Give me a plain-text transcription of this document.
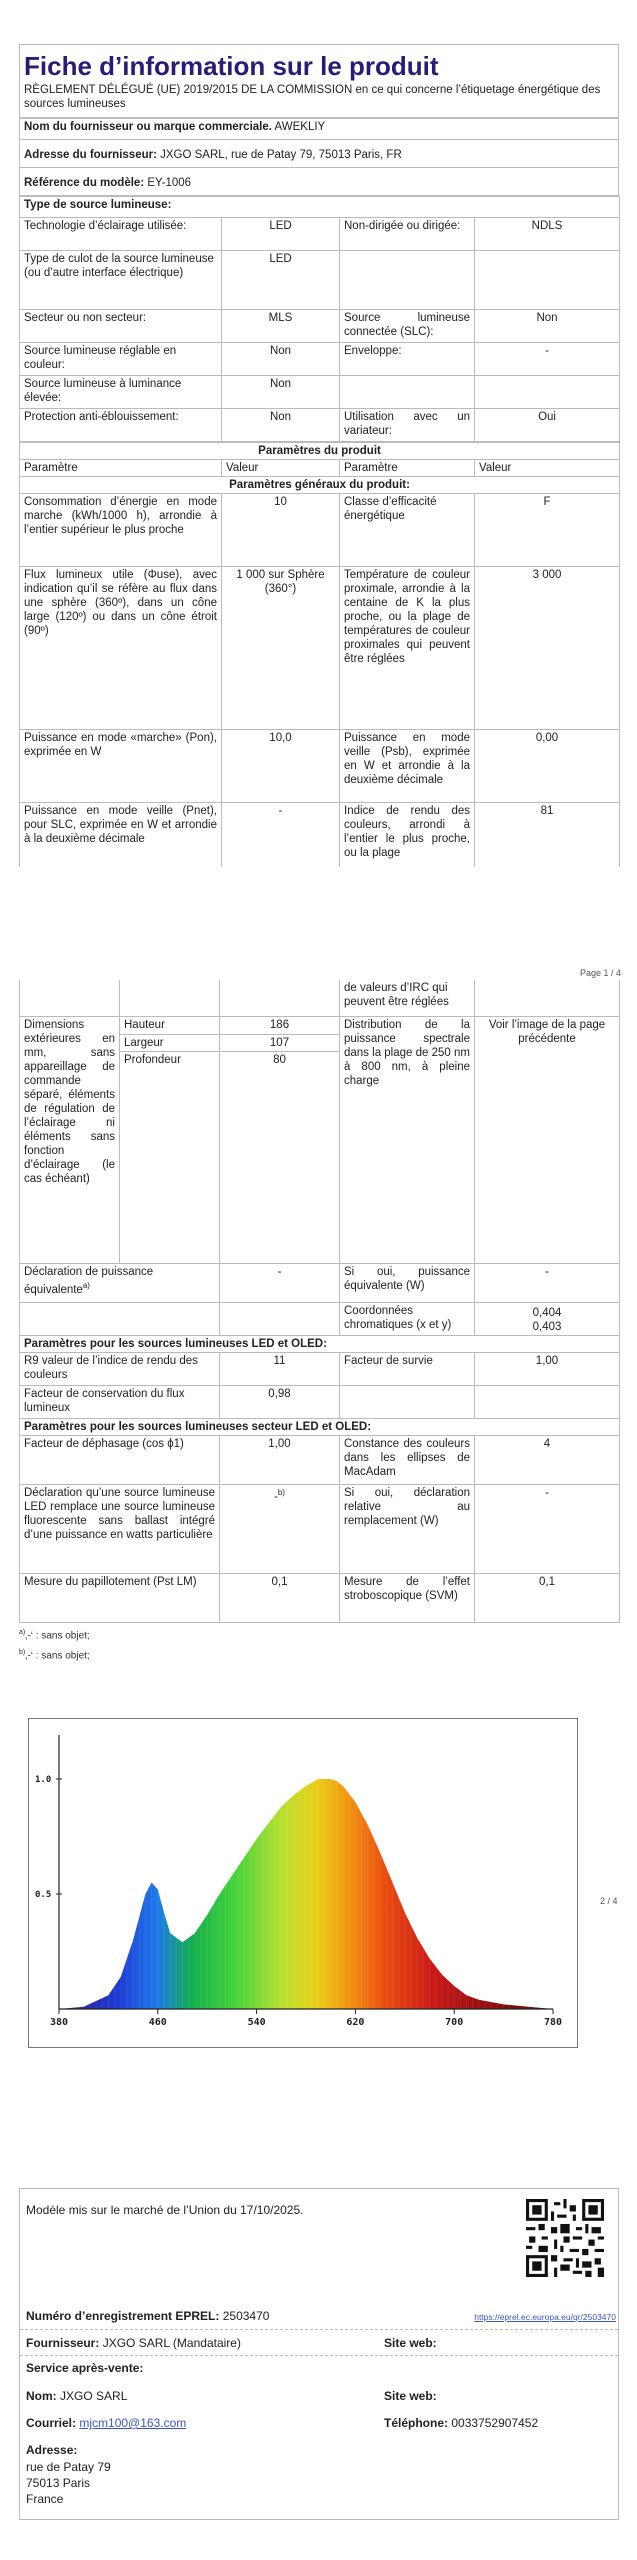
Fiche d’information sur le produit
RÈGLEMENT DÉLÉGUÉ (UE) 2019/2015 DE LA COMMISSION en ce qui concerne l’étiquetage énergétique des sources lumineuses
Nom du fournisseur ou marque commerciale. AWEKLIY
Adresse du fournisseur: JXGO SARL, rue de Patay 79, 75013 Paris, FR
Référence du modèle: EY-1006
Type de source lumineuse:			
Technologie d’éclairage utilisée:	LED	Non-dirigée ou dirigée:	NDLS

Type de culot de la source lumineuse
(ou d’autre interface électrique)	LED		
Secteur ou non secteur:	MLS	Source lumineuse connectée (SLC):	Non
Source lumineuse réglable en couleur:	Non	Enveloppe:	-
Source lumineuse à luminance élevée:	Non		
Protection anti-éblouissement:	Non	Utilisation avec un variateur:	Oui
Paramètres du produit			
Paramètre	Valeur	Paramètre	Valeur
Paramètres généraux du produit:			
Consommation d’énergie en mode marche (kWh/1000 h), arrondie à l’entier supérieur le plus proche	10	Classe d’efficacité énergétique	F
Flux lumineux utile (Φuse), avec indication qu’il se réfère au flux dans une sphère (360º), dans un cône large (120º) ou dans un cône étroit (90º)	1 000 sur Sphère (360°)	Température de couleur proximale, arrondie à la centaine de K la plus proche, ou la plage de températures de couleur proximales qui peuvent être réglées	3 000
Puissance en mode «marche» (Pon), exprimée en W	10,0	Puissance en mode veille (Psb), exprimée en W et arrondie à la deuxième décimale	0,00
Puissance en mode veille (Pnet), pour SLC, exprimée en W et arrondie à la deuxième décimale	-	Indice de rendu des couleurs, arrondi à l’entier le plus proche, ou la plage	81
Page 1 / 4
			de valeurs d’IRC qui peuvent être réglées	
Dimensions extérieures en mm, sans appareillage de commande séparé, éléments de régulation de l’éclairage ni éléments sans fonction d’éclairage (le cas échéant)	Hauteur	186	Distribution de la puissance spectrale dans la plage de 250 nm à 800 nm, à pleine charge	Voir l’image de la page précédente
	Largeur	107		
	Profondeur	80		
Déclaration de puissance équivalente$^{a)}$		-	Si oui, puissance équivalente (W)	-
			Coordonnées chromatiques (x et y)	0,404
0,403

Paramètres pour les sources lumineuses LED et OLED:				
R9 valeur de l’indice de rendu des couleurs		11	Facteur de survie	1,00
Facteur de conservation du flux lumineux		0,98		
Paramètres pour les sources lumineuses secteur LED et OLED:				
Facteur de déphasage (cos ϕ1)		1,00	Constance des couleurs dans les ellipses de MacAdam	4
Déclaration qu’une source lumineuse LED remplace une source lumineuse fluorescente sans ballast intégré d’une puissance en watts particulière		-$^{b)}$	Si oui, déclaration relative au remplacement (W)	-
Mesure du papillotement (Pst LM)		0,1	Mesure de l’effet stroboscopique (SVM)	0,1
$^{a)}$‚-‘ : sans objet;
$^{b)}$‚-‘ : sans objet;
380	460	540	620	700	780
0.5
1.0
2 / 4
Modèle mis sur le marché de l’Union du 17/10/2025.
Numéro d’enregistrement EPREL: 2503470	https://eprel.ec.europa.eu/qr/2503470
Fournisseur: JXGO SARL (Mandataire)	Site web:
Service après-vente:
Nom: JXGO SARL	Site web:
Courriel: mjcm100@163.com	Téléphone: 0033752907452
Adresse:
rue de Patay 79
75013 Paris
France
